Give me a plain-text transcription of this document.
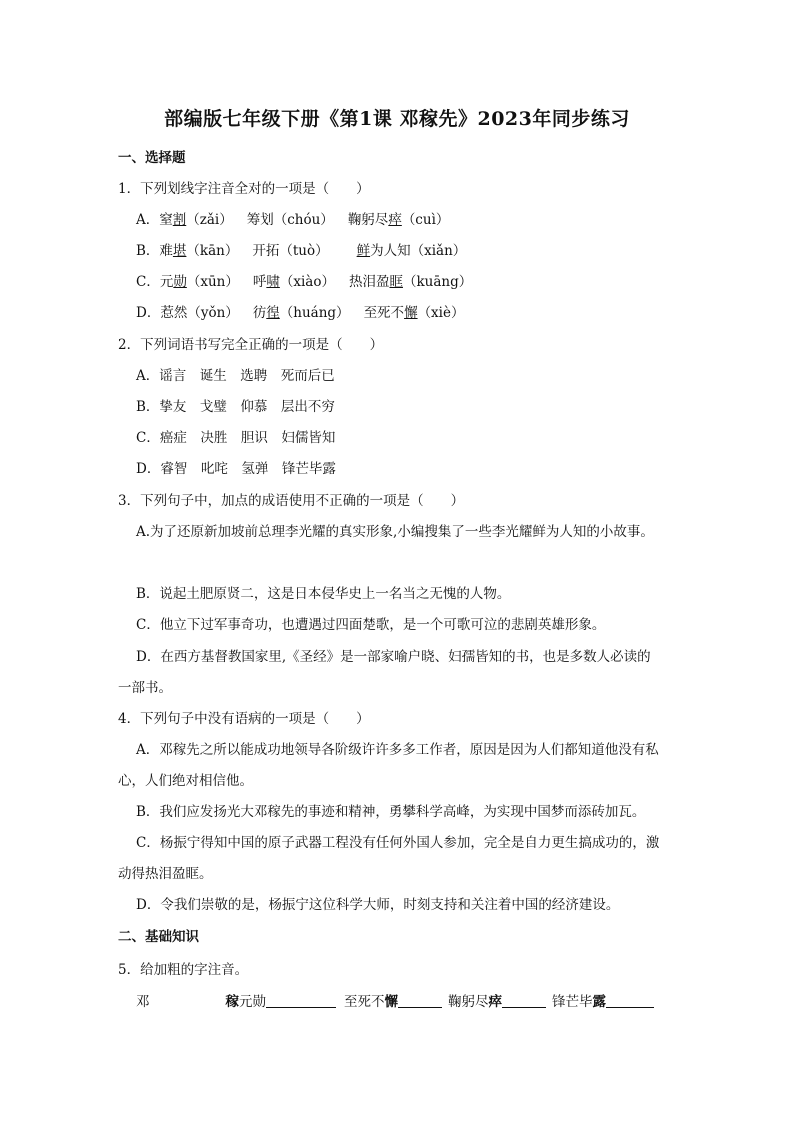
部编版七年级下册《第1课 邓稼先》2023年同步练习
一、选择题
1．下列划线字注音全对的一项是（　　）
A．窒割（zǎi） 筹划（chóu） 鞠躬尽瘁（cuì）
B．难堪（kān） 开拓（tuò） 鲜为人知（xiǎn）
C．元勋（xūn） 呼啸（xiào） 热泪盈眶（kuāng）
D．惹然（yǒn） 彷徨（huáng） 至死不懈（xiè）
2．下列词语书写完全正确的一项是（　　）
A．谣言　诞生　选聘　死而后已
B．挚友　戈璧　仰慕　层出不穷
C．癌症　决胜　胆识　妇儒皆知
D．睿智　叱咤　氢弹　锋芒毕露
3．下列句子中，加点的成语使用不正确的一项是（　　）
A.为了还原新加坡前总理李光耀的真实形象,小编搜集了一些李光耀鲜为人知的小故事。
B．说起土肥原贤二，这是日本侵华史上一名当之无愧的人物。
C．他立下过军事奇功，也遭遇过四面楚歌，是一个可歌可泣的悲剧英雄形象。
D．在西方基督教国家里,《圣经》是一部家喻户晓、妇孺皆知的书，也是多数人必读的
一部书。
4．下列句子中没有语病的一项是（　　）
A．邓稼先之所以能成功地领导各阶级许许多多工作者，原因是因为人们都知道他没有私
心，人们绝对相信他。
B．我们应发扬光大邓稼先的事迹和精神，勇攀科学高峰，为实现中国梦而添砖加瓦。
C．杨振宁得知中国的原子武器工程没有任何外国人参加，完全是自力更生搞成功的，激
动得热泪盈眶。
D．令我们崇敬的是，杨振宁这位科学大师，时刻支持和关注着中国的经济建设。
二、基础知识
5．给加粗的字注音。
邓	稼元勋	至死不懈	鞠躬尽瘁	锋芒毕露
